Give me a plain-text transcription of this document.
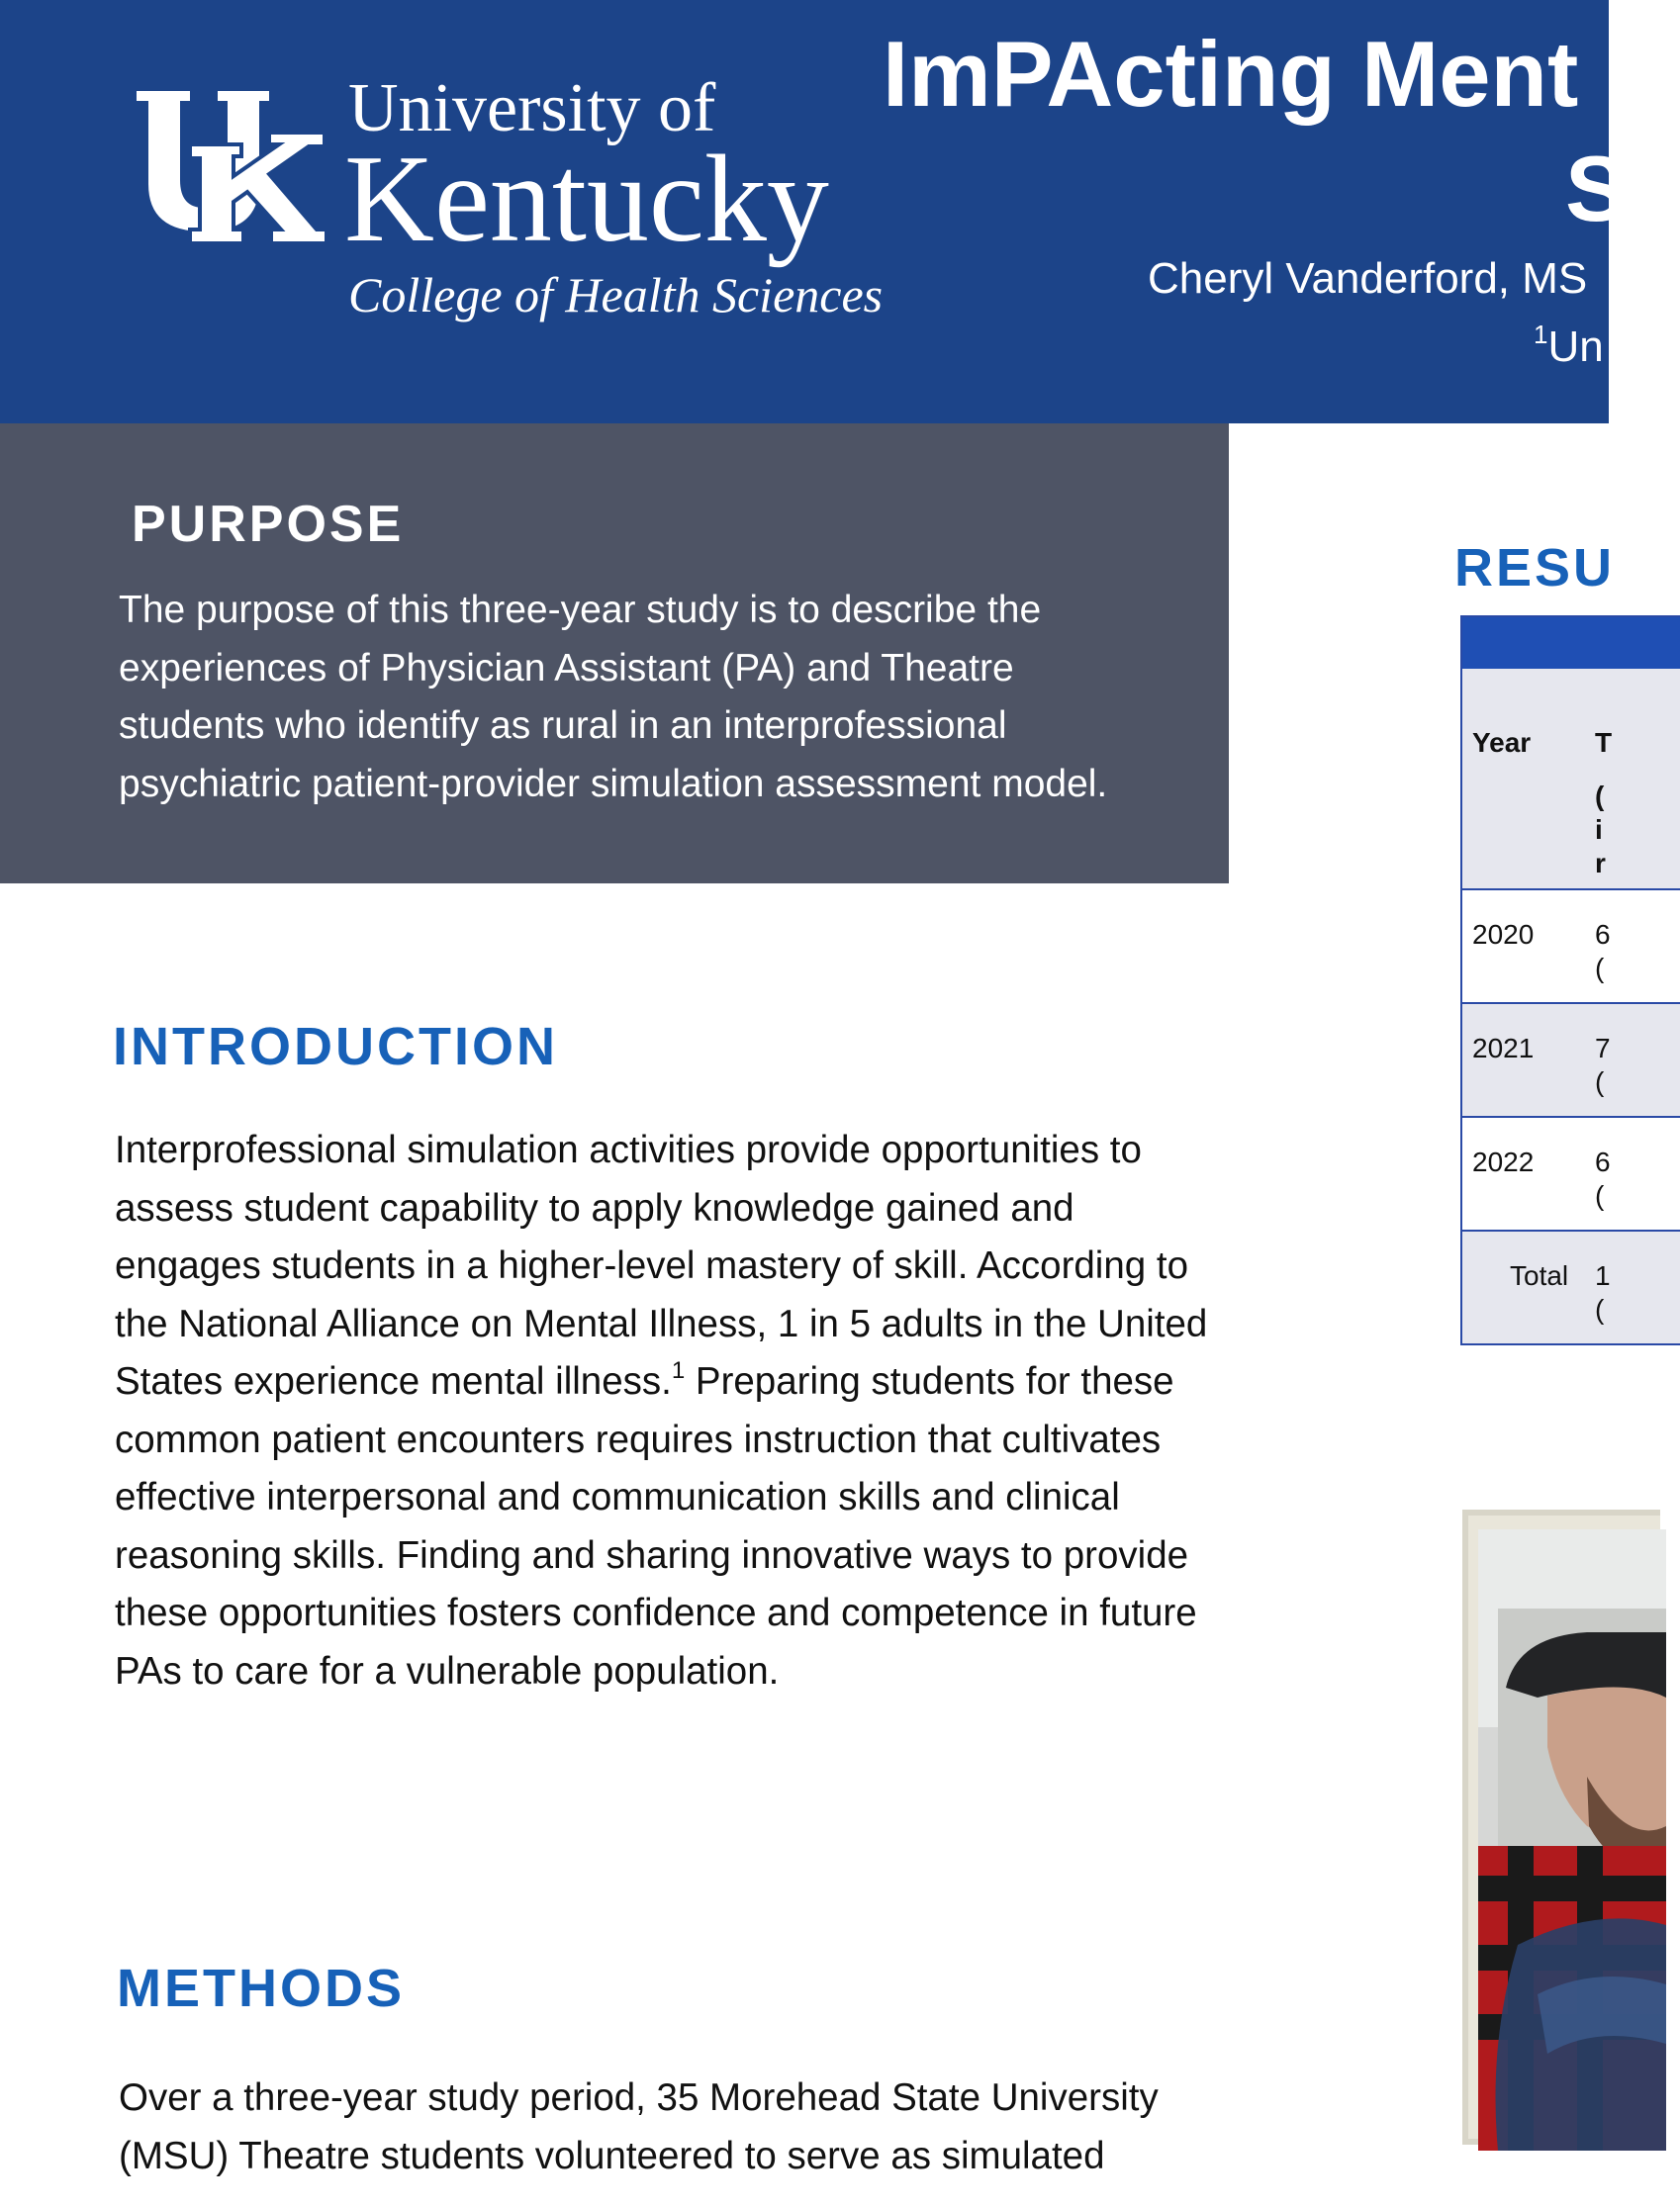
University of
Kentucky
College of Health Sciences
ImPActing Ment
S
Cheryl Vanderford, MS
$^1$Un
PURPOSE

The purpose of this three-year study is to describe the experiences of Physician Assistant (PA) and Theatre students who identify as rural in an interprofessional psychiatric patient-provider simulation assessment model.

INTRODUCTION

Interprofessional simulation activities provide opportunities to assess student capability to apply knowledge gained and engages students in a higher-level mastery of skill. According to the National Alliance on Mental Illness, 1 in 5 adults in the United States experience mental illness.$^1$ Preparing students for these common patient encounters requires instruction that cultivates effective interpersonal and communication skills and clinical reasoning skills. Finding and sharing innovative ways to provide these opportunities fosters confidence and competence in future PAs to care for a vulnerable population.

METHODS

Over a three-year study period, 35 Morehead State University (MSU) Theatre students volunteered to serve as simulated

RESU
Year T
(
i
r
2020 6
(
2021 7
(
2022 6
(
Total 1
(
